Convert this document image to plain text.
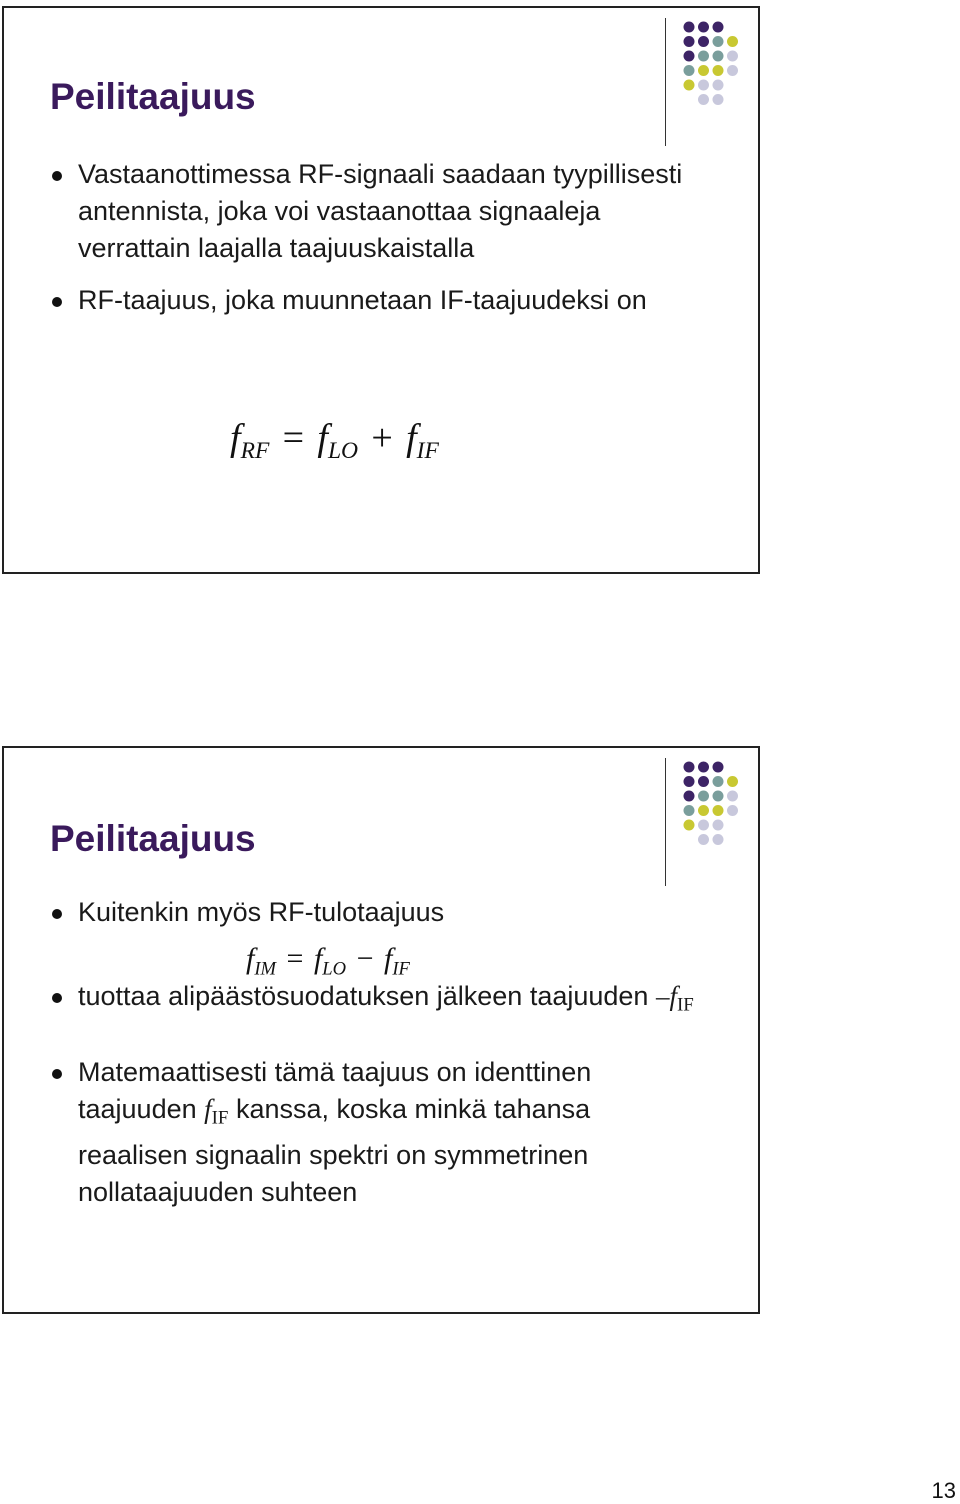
Peilitaajuus
Vastaanottimessa RF-signaali saadaan tyypillisesti antennista, joka voi vastaanottaa signaaleja verrattain laajalla taajuuskaistalla
RF-taajuus, joka muunnetaan IF-taajuudeksi on
$f_{RF} = f_{LO} + f_{IF}$
Peilitaajuus
Kuitenkin myös RF-tulotaajuus
tuottaa alipäästösuodatuksen jälkeen taajuuden $-f_{IF}$
Matemaattisesti tämä taajuus on identtinen taajuuden $f_{IF}$ kanssa, koska minkä tahansa reaalisen signaalin spektri on symmetrinen nollataajuuden suhteen
$f_{IM} = f_{LO} - f_{IF}$
13
